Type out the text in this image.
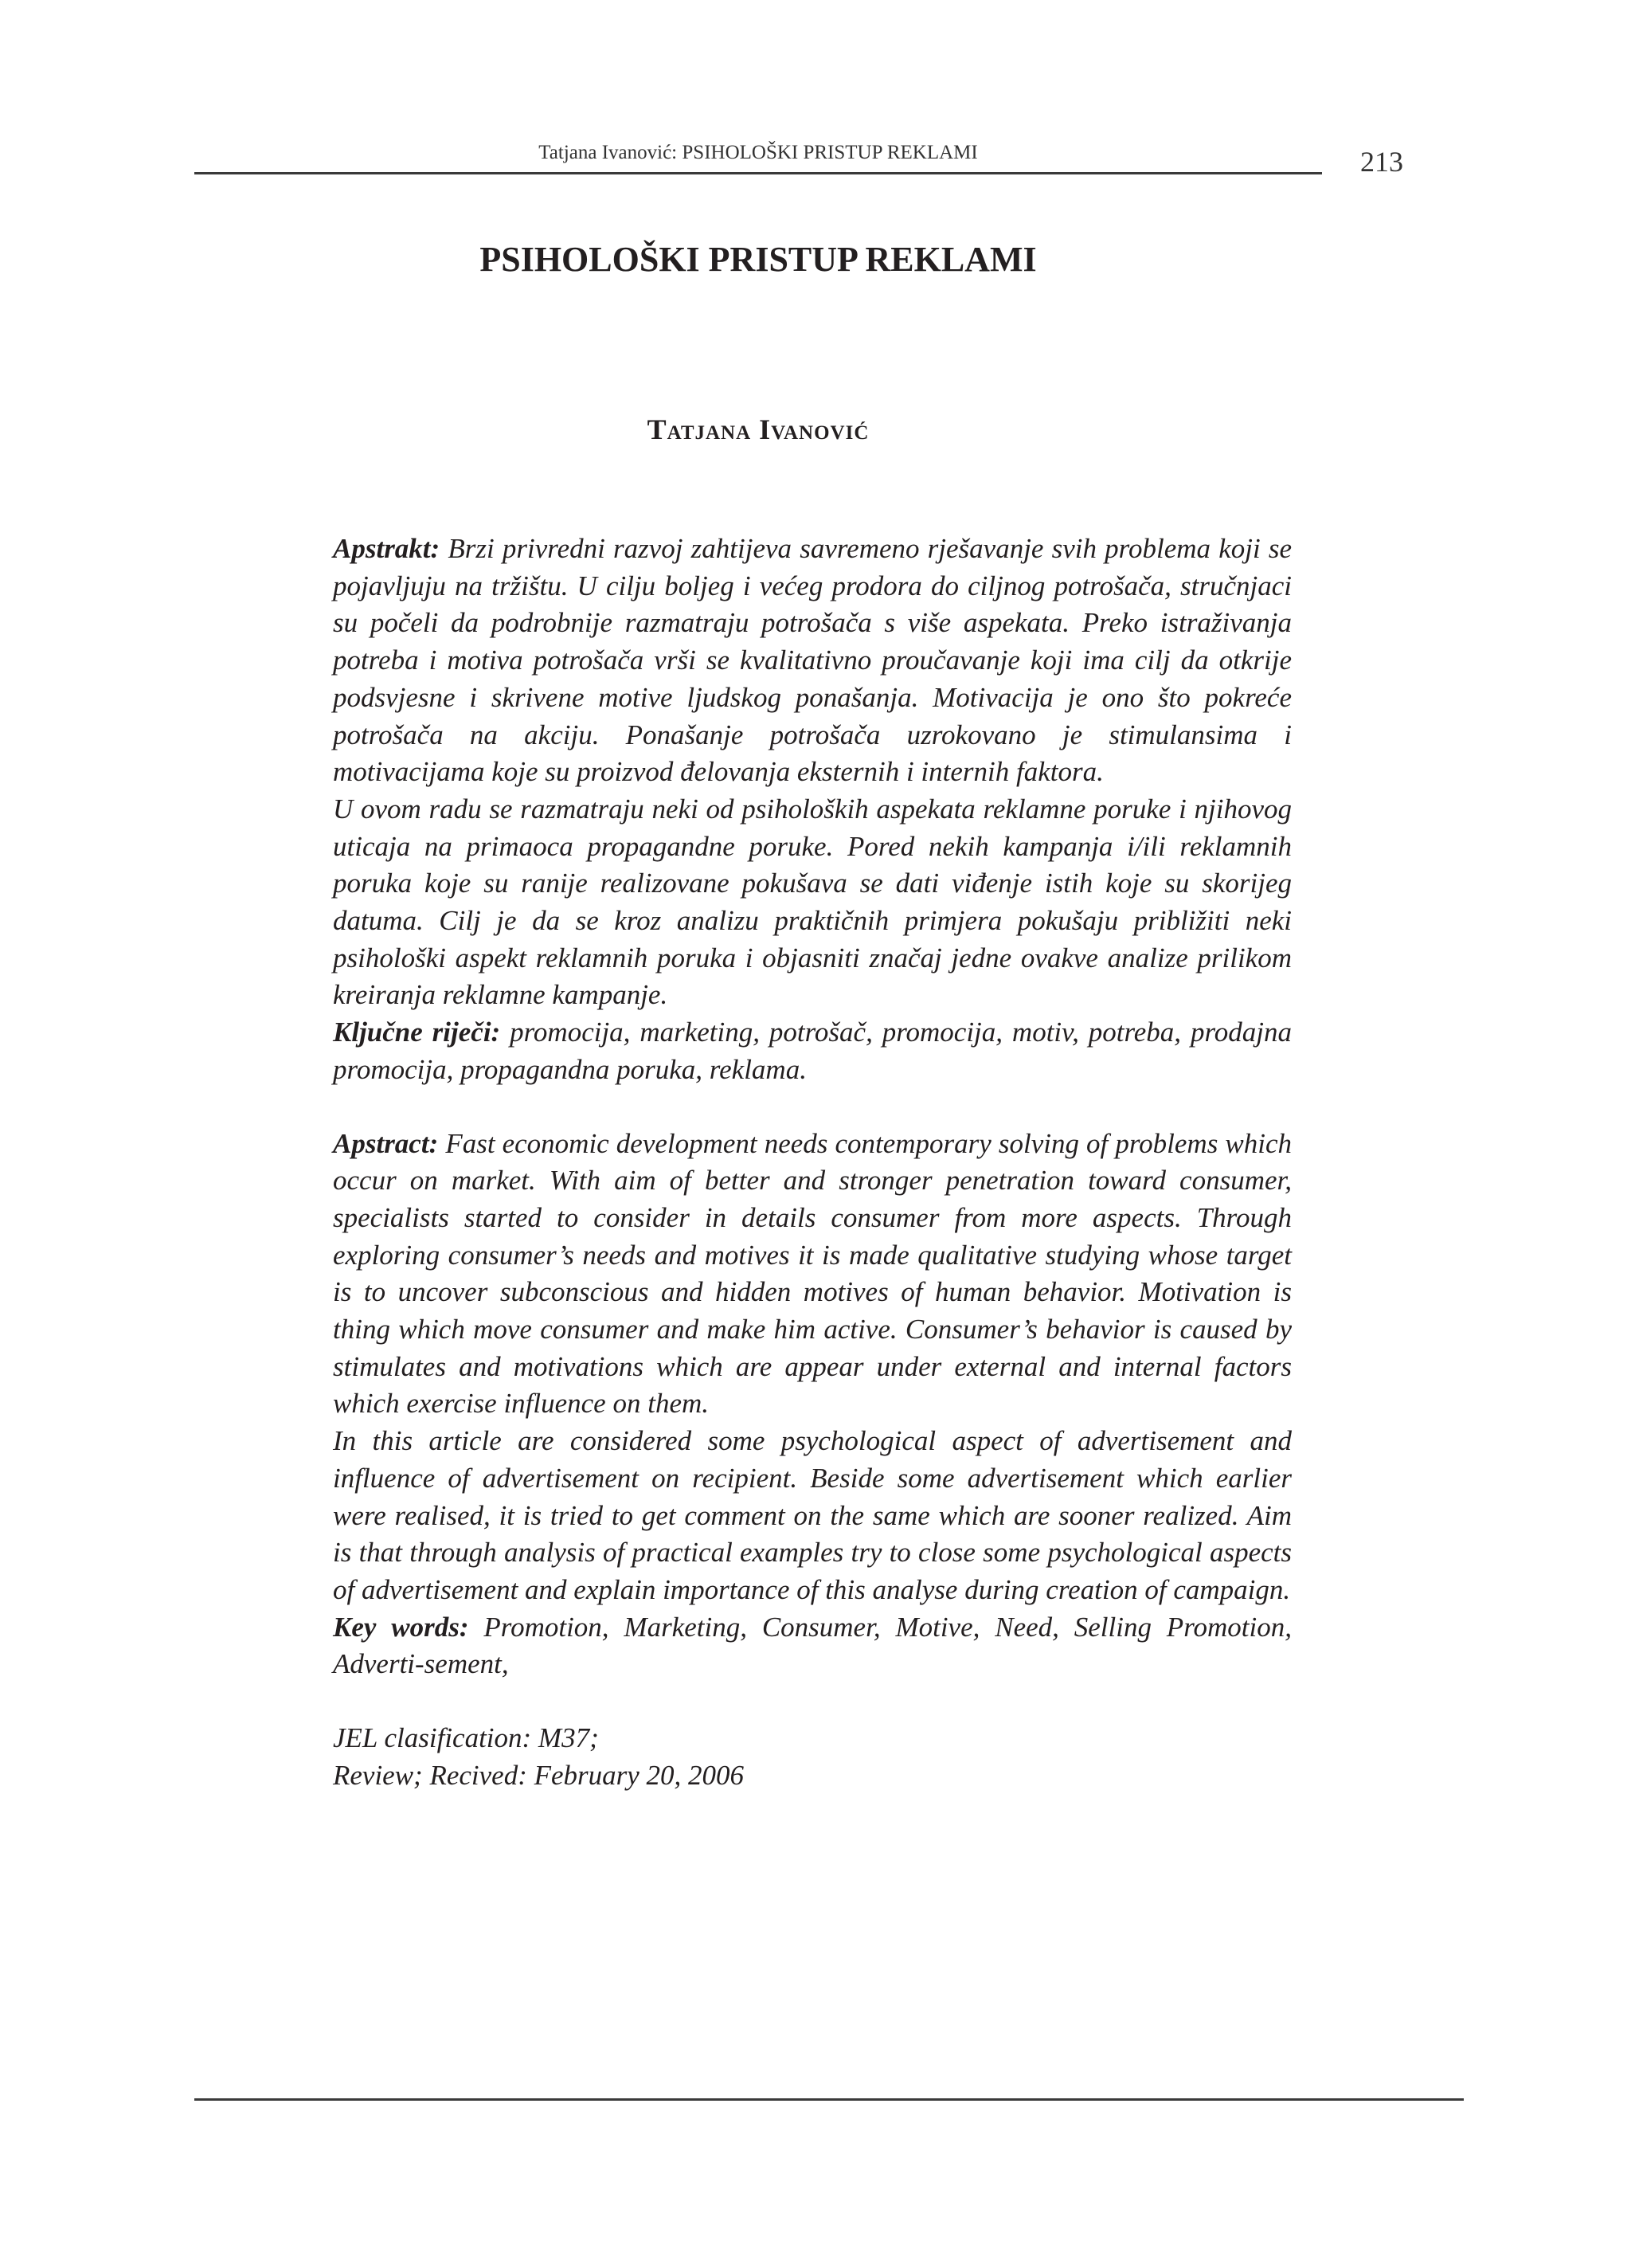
Tatjana Ivanović: PSIHOLOŠKI PRISTUP REKLAMI	213
PSIHOLOŠKI PRISTUP REKLAMI
Tatjana Ivanović

Apstrakt: Brzi privredni razvoj zahtijeva savremeno rješavanje svih problema koji se pojavljuju na tržištu. U cilju boljeg i većeg prodora do ciljnog potrošača, stručnjaci su počeli da podrobnije razmatraju potrošača s više aspekata. Preko istraživanja potreba i motiva potrošača vrši se kvalitativno proučavanje koji ima cilj da otkrije podsvjesne i skrivene motive ljudskog ponašanja. Motivacija je ono što pokreće potrošača na akciju. Ponašanje potrošača uzrokovano je stimulansima i motivacijama koje su proizvod đelovanja eksternih i internih faktora.

U ovom radu se razmatraju neki od psiholoških aspekata reklamne poruke i njihovog uticaja na primaoca propagandne poruke. Pored nekih kampanja i/ili reklamnih poruka koje su ranije realizovane pokušava se dati viđenje istih koje su skorijeg datuma. Cilj je da se kroz analizu praktičnih primjera pokušaju približiti neki psihološki aspekt reklamnih poruka i objasniti značaj jedne ovakve analize prilikom kreiranja reklamne kampanje.

Ključne riječi: promocija, marketing, potrošač, promocija, motiv, potreba, prodajna promocija, propagandna poruka, reklama.

Apstract: Fast economic development needs contemporary solving of problems which occur on market. With aim of better and stronger penetration toward consumer, specialists started to consider in details consumer from more aspects. Through exploring consumer’s needs and motives it is made qualitative studying whose target is to uncover subconscious and hidden motives of human behavior. Motivation is thing which move consumer and make him active. Consumer’s behavior is caused by stimulates and motivations which are appear under external and internal factors which exercise influence on them.

In this article are considered some psychological aspect of advertisement and influence of advertisement on recipient. Beside some advertisement which earlier were realised, it is tried to get comment on the same which are sooner realized. Aim is that through analysis of practical examples try to close some psychological aspects of advertisement and explain importance of this analyse during creation of campaign.

Key words: Promotion, Marketing, Consumer, Motive, Need, Selling Promotion, Adverti-sement,

JEL clasification: M37;

Review; Recived: February 20, 2006
